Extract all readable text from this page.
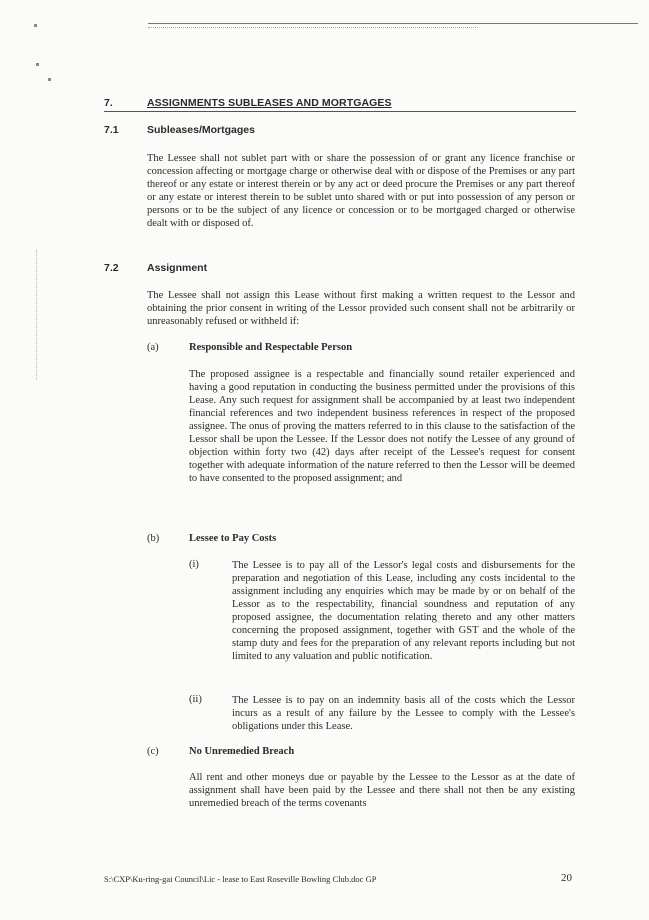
7.	ASSIGNMENTS SUBLEASES AND MORTGAGES
7.1	Subleases/Mortgages

The Lessee shall not sublet part with or share the possession of or grant any licence franchise or concession affecting or mortgage charge or otherwise deal with or dispose of the Premises or any part thereof or any estate or interest therein or by any act or deed procure the Premises or any part thereof or any estate or interest therein to be sublet unto shared with or put into possession of any person or persons or to be the subject of any licence or concession or to be mortgaged charged or otherwise dealt with or disposed of.

7.2	Assignment

The Lessee shall not assign this Lease without first making a written request to the Lessor and obtaining the prior consent in writing of the Lessor provided such consent shall not be arbitrarily or unreasonably refused or withheld if:

(a)	Responsible and Respectable Person

The proposed assignee is a respectable and financially sound retailer experienced and having a good reputation in conducting the business permitted under the provisions of this Lease. Any such request for assignment shall be accompanied by at least two independent financial references and two independent business references in respect of the proposed assignee. The onus of proving the matters referred to in this clause to the satisfaction of the Lessor shall be upon the Lessee. If the Lessor does not notify the Lessee of any ground of objection within forty two (42) days after receipt of the Lessee's request for consent together with adequate information of the nature referred to then the Lessor will be deemed to have consented to the proposed assignment; and

(b)	Lessee to Pay Costs
(i)	The Lessee is to pay all of the Lessor's legal costs and disbursements for the preparation and negotiation of this Lease, including any costs incidental to the assignment including any enquiries which may be made by or on behalf of the Lessor as to the respectability, financial soundness and reputation of any proposed assignee, the documentation relating thereto and any other matters concerning the proposed assignment, together with GST and the whole of the stamp duty and fees for the preparation of any relevant reports including but not limited to any valuation and public notification.

(ii)	The Lessee is to pay on an indemnity basis all of the costs which the Lessor incurs as a result of any failure by the Lessee to comply with the Lessee's obligations under this Lease.

(c)	No Unremedied Breach

All rent and other moneys due or payable by the Lessee to the Lessor as at the date of assignment shall have been paid by the Lessee and there shall not then be any existing unremedied breach of the terms covenants

S:\CXP\Ku-ring-gai Council\Lic - lease to East Roseville Bowling Club.doc GP	20
